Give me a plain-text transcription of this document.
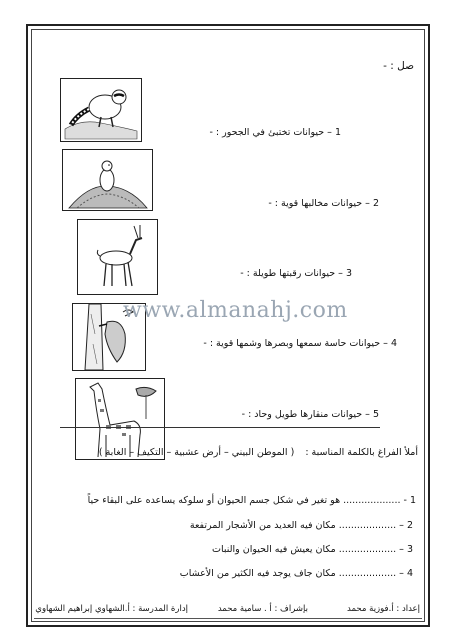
صل : -
1 – حيوانات تختبئ في الجحور : -
2 – حيوانات مخالبها قوية : -
3 – حيوانات رقبتها طويلة : -
4 – حيوانات حاسة سمعها وبصرها وشمها قوية : -
www.almanahj.com
5 – حيوانات منقارها طويل وحاد : -
أملأ الفراغ بالكلمة المناسبة : ( الموطن البيني – أرض عشبية – التكيف – الغابة )
1 - ................... هو تغير في شكل جسم الحيوان أو سلوكه يساعده على البقاء حياً
2 – ................... مكان فيه العديد من الأشجار المرتفعة
3 – ................... مكان يعيش فيه الحيوان والنبات
4 – ................... مكان جاف يوجد فيه الكثير من الأعشاب
إعداد : أ.فوزية محمد
بإشراف : أ . سامية محمد
إدارة المدرسة : أ.الشهاوي إبراهيم الشهاوي
